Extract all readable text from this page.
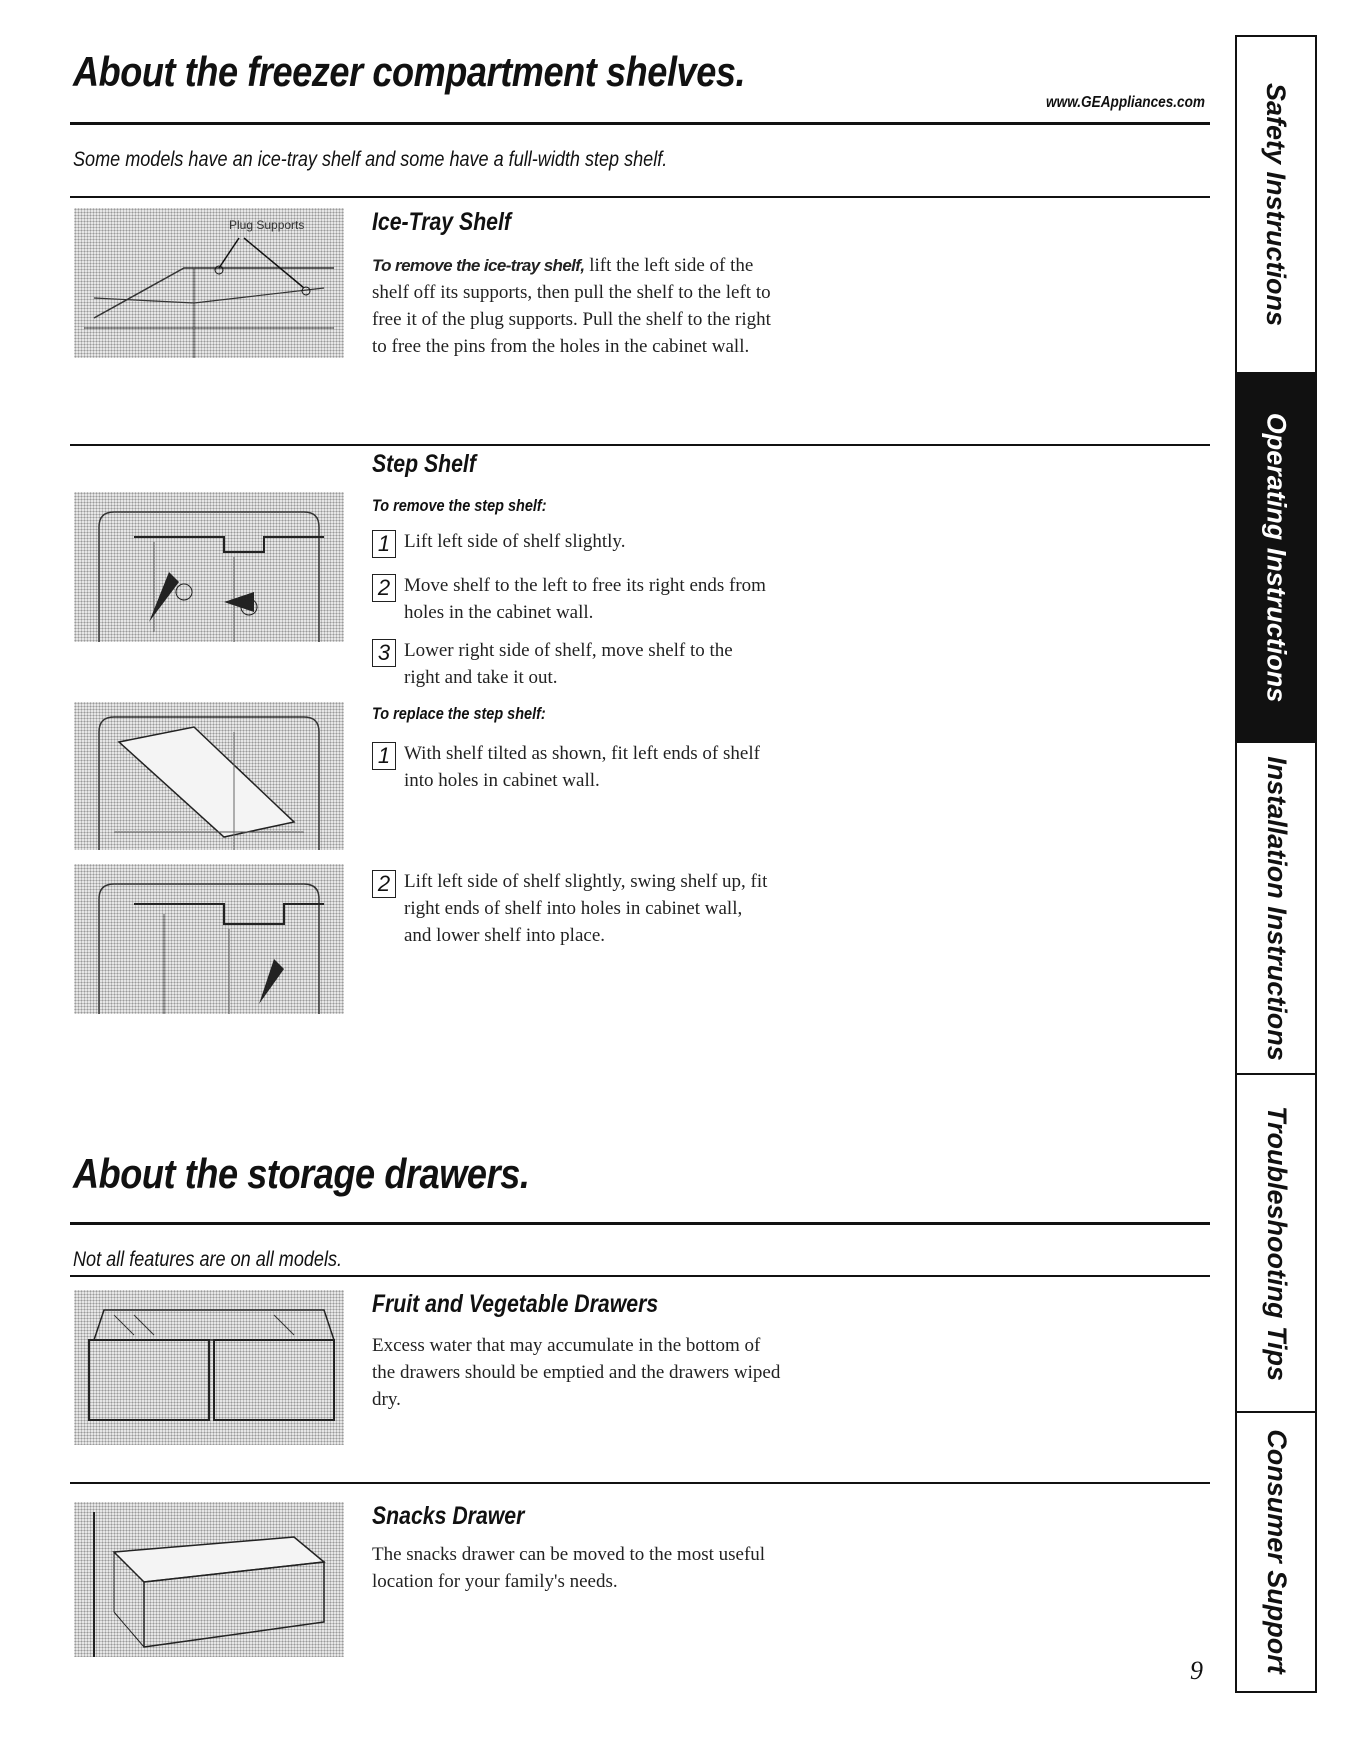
About the freezer compartment shelves.
www.GEAppliances.com
Some models have an ice-tray shelf and some have a full-width step shelf.
Plug Supports	Ice-Tray Shelf
To remove the ice-tray shelf, lift the left side of the shelf off its supports, then pull the shelf to the left to free it of the plug supports. Pull the shelf to the right to free the pins from the holes in the cabinet wall.
Step Shelf
To remove the step shelf:
1 Lift left side of shelf slightly.
2 Move shelf to the left to free its right ends from holes in the cabinet wall.
3 Lower right side of shelf, move shelf to the right and take it out.
To replace the step shelf:
1 With shelf tilted as shown, fit left ends of shelf into holes in cabinet wall.
2 Lift left side of shelf slightly, swing shelf up, fit right ends of shelf into holes in cabinet wall, and lower shelf into place.
About the storage drawers.
Not all features are on all models.
Fruit and Vegetable Drawers
Excess water that may accumulate in the bottom of the drawers should be emptied and the drawers wiped dry.
Snacks Drawer
The snacks drawer can be moved to the most useful location for your family's needs.
9
Safety Instructions
Operating Instructions
Installation Instructions
Troubleshooting Tips
Consumer Support
